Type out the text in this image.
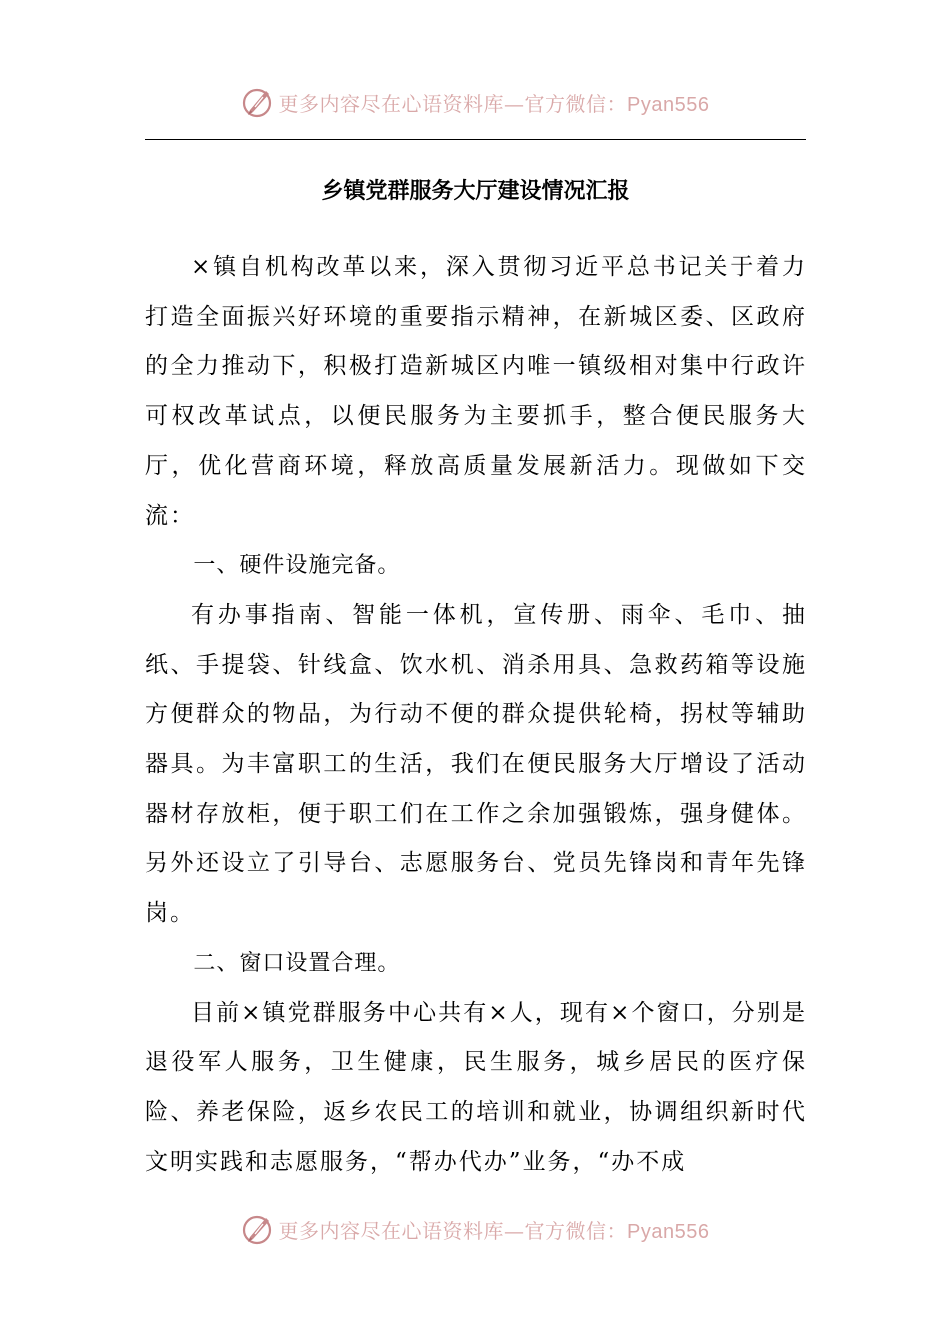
更多内容尽在心语资料库—官方微信：Pyan556
乡镇党群服务大厅建设情况汇报

×镇自机构改革以来，深入贯彻习近平总书记关于着力打造全面振兴好环境的重要指示精神，在新城区委、区政府的全力推动下，积极打造新城区内唯一镇级相对集中行政许可权改革试点，以便民服务为主要抓手，整合便民服务大厅，优化营商环境，释放高质量发展新活力。现做如下交流：

一、硬件设施完备。

有办事指南、智能一体机，宣传册、雨伞、毛巾、抽纸、手提袋、针线盒、饮水机、消杀用具、急救药箱等设施方便群众的物品，为行动不便的群众提供轮椅，拐杖等辅助器具。为丰富职工的生活，我们在便民服务大厅增设了活动器材存放柜，便于职工们在工作之余加强锻炼，强身健体。另外还设立了引导台、志愿服务台、党员先锋岗和青年先锋岗。

二、窗口设置合理。

目前×镇党群服务中心共有×人，现有×个窗口，分别是退役军人服务，卫生健康，民生服务，城乡居民的医疗保险、养老保险，返乡农民工的培训和就业，协调组织新时代文明实践和志愿服务，“帮办代办”业务，“办不成

更多内容尽在心语资料库—官方微信：Pyan556
